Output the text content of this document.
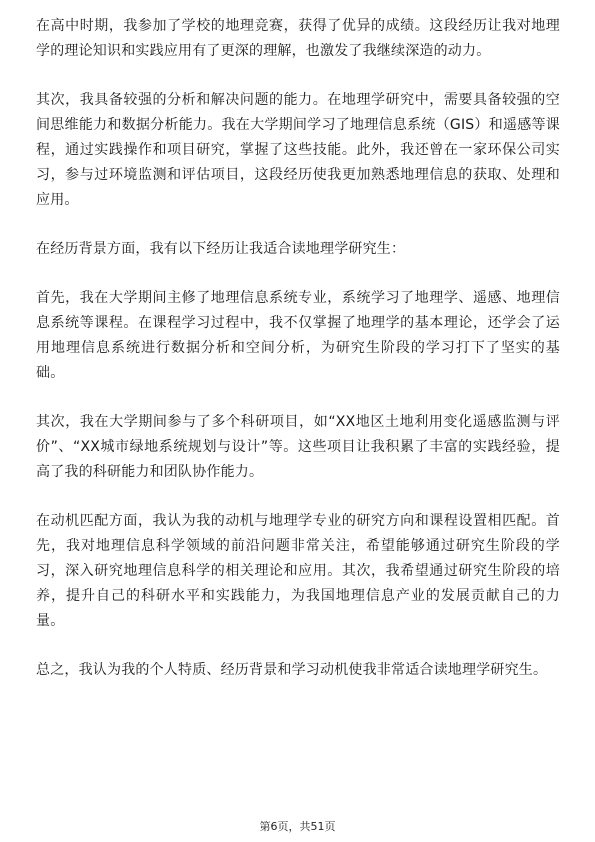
在高中时期，我参加了学校的地理竞赛，获得了优异的成绩。这段经历让我对地理学的理论知识和实践应用有了更深的理解，也激发了我继续深造的动力。

其次，我具备较强的分析和解决问题的能力。在地理学研究中，需要具备较强的空间思维能力和数据分析能力。我在大学期间学习了地理信息系统（GIS）和遥感等课程，通过实践操作和项目研究，掌握了这些技能。此外，我还曾在一家环保公司实习，参与过环境监测和评估项目，这段经历使我更加熟悉地理信息的获取、处理和应用。

在经历背景方面，我有以下经历让我适合读地理学研究生：

首先，我在大学期间主修了地理信息系统专业，系统学习了地理学、遥感、地理信息系统等课程。在课程学习过程中，我不仅掌握了地理学的基本理论，还学会了运用地理信息系统进行数据分析和空间分析，为研究生阶段的学习打下了坚实的基础。

其次，我在大学期间参与了多个科研项目，如“XX地区土地利用变化遥感监测与评价”、“XX城市绿地系统规划与设计”等。这些项目让我积累了丰富的实践经验，提高了我的科研能力和团队协作能力。

在动机匹配方面，我认为我的动机与地理学专业的研究方向和课程设置相匹配。首先，我对地理信息科学领域的前沿问题非常关注，希望能够通过研究生阶段的学习，深入研究地理信息科学的相关理论和应用。其次，我希望通过研究生阶段的培养，提升自己的科研水平和实践能力，为我国地理信息产业的发展贡献自己的力量。

总之，我认为我的个人特质、经历背景和学习动机使我非常适合读地理学研究生。

第6页，共51页
